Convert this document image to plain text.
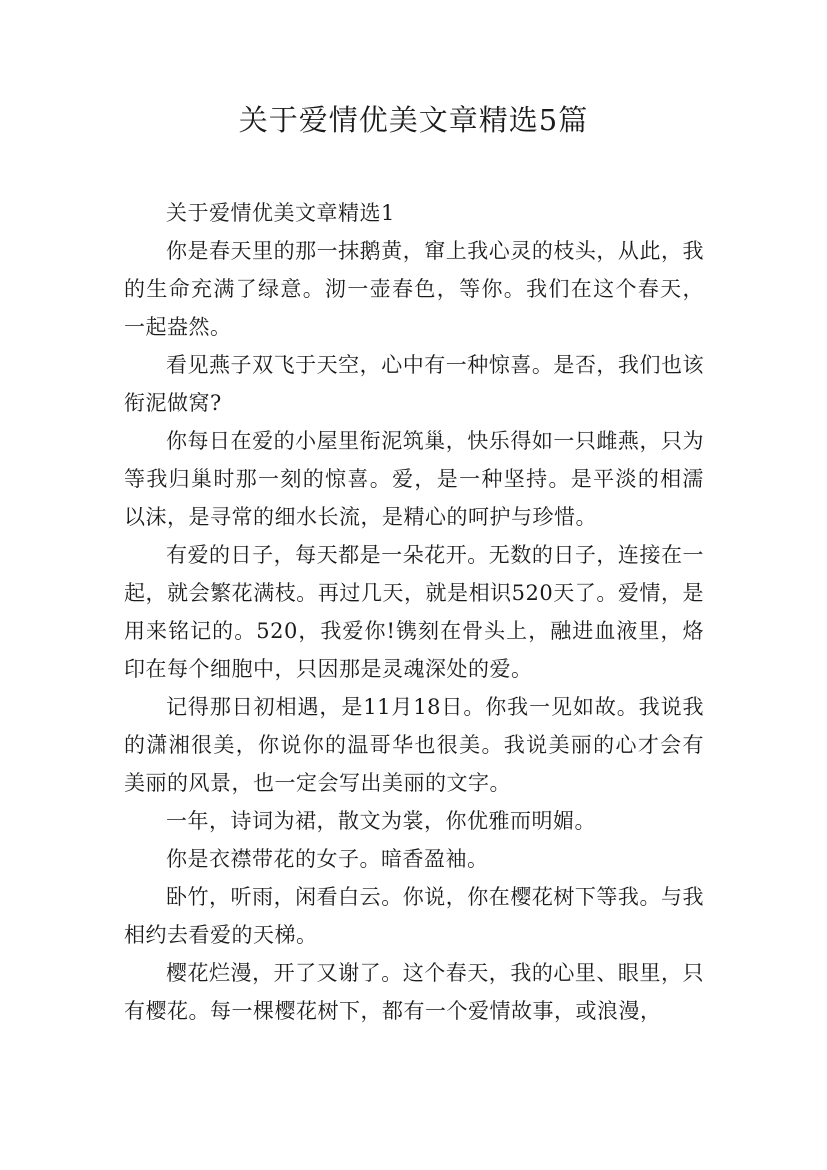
关于爱情优美文章精选5篇

关于爱情优美文章精选1

你是春天里的那一抹鹅黄，窜上我心灵的枝头，从此，我的生命充满了绿意。沏一壶春色，等你。我们在这个春天，一起盎然。

看见燕子双飞于天空，心中有一种惊喜。是否，我们也该衔泥做窝?

你每日在爱的小屋里衔泥筑巢，快乐得如一只雌燕，只为等我归巢时那一刻的惊喜。爱，是一种坚持。是平淡的相濡以沫，是寻常的细水长流，是精心的呵护与珍惜。

有爱的日子，每天都是一朵花开。无数的日子，连接在一起，就会繁花满枝。再过几天，就是相识520天了。爱情，是用来铭记的。520，我爱你!镌刻在骨头上，融进血液里，烙印在每个细胞中，只因那是灵魂深处的爱。

记得那日初相遇，是11月18日。你我一见如故。我说我的潇湘很美，你说你的温哥华也很美。我说美丽的心才会有美丽的风景，也一定会写出美丽的文字。

一年，诗词为裙，散文为裳，你优雅而明媚。

你是衣襟带花的女子。暗香盈袖。

卧竹，听雨，闲看白云。你说，你在樱花树下等我。与我相约去看爱的天梯。

樱花烂漫，开了又谢了。这个春天，我的心里、眼里，只有樱花。每一棵樱花树下，都有一个爱情故事，或浪漫，
